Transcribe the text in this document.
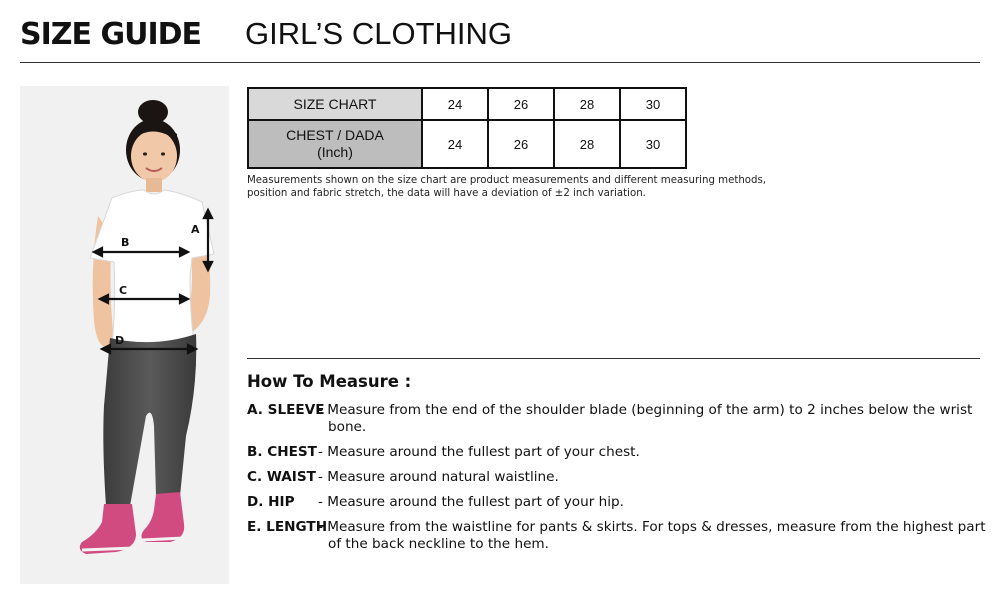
SIZE GUIDE GIRL’S CLOTHING
A
B
C
D
SIZE CHART	24	26	28	30
CHEST / DADA
(Inch)	24	26	28	30
Measurements shown on the size chart are product measurements and different measuring methods, position and fabric stretch, the data will have a deviation of ±2 inch variation.
How To Measure :
A. SLEEVE - Measure from the end of the shoulder blade (beginning of the arm) to 2 inches below the wrist bone.
B. CHEST - Measure around the fullest part of your chest.
C. WAIST - Measure around natural waistline.
D. HIP	- Measure around the fullest part of your hip.
E. LENGTH - Measure from the waistline for pants & skirts. For tops & dresses, measure from the highest part of the back neckline to the hem.
